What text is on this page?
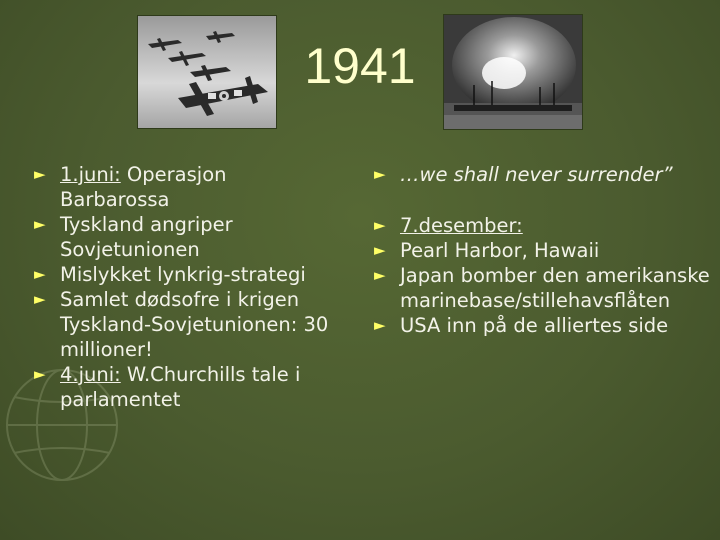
1941
► 1.juni: Operasjon Barbarossa
► Tyskland angriper Sovjetunionen
► Mislykket lynkrig-strategi
► Samlet dødsofre i krigen Tyskland-Sovjetunionen: 30 millioner!
► 4.juni: W.Churchills tale i parlamentet
► …we shall never surrender”
► 7.desember:
► Pearl Harbor, Hawaii
► Japan bomber den amerikanske marinebase/stillehavsflåten
► USA inn på de alliertes side
